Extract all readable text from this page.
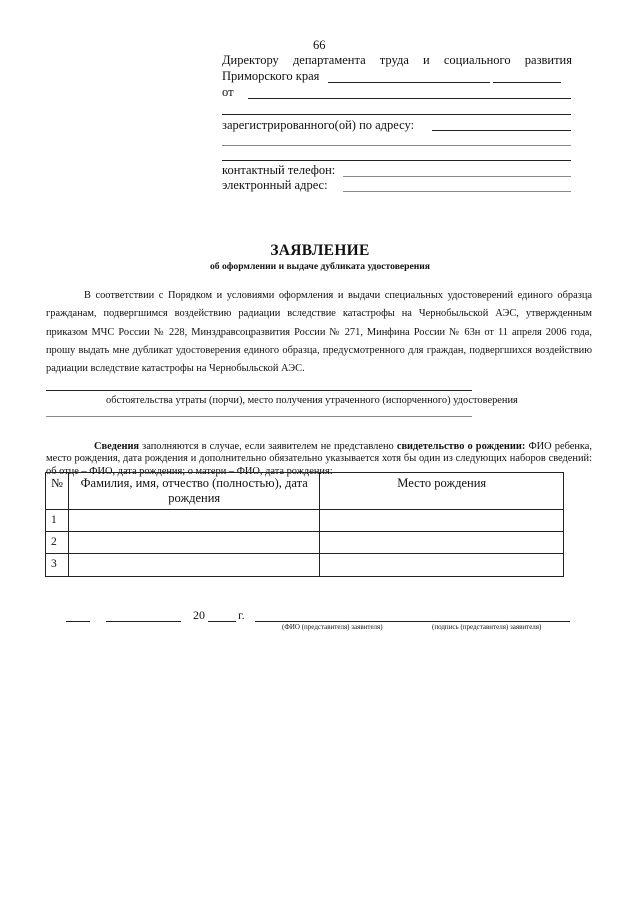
66
Директору департамента труда и социального развития
Приморского края
от
зарегистрированного(ой) по адресу:
контактный телефон:
электронный адрес:
ЗАЯВЛЕНИЕ
об оформлении и выдаче дубликата удостоверения
В соответствии с Порядком и условиями оформления и выдачи специальных удостоверений единого образца гражданам, подвергшимся воздействию радиации вследствие катастрофы на Чернобыльской АЭС, утвержденным приказом МЧС России № 228, Минздравсоцразвития России № 271, Минфина России № 63н от 11 апреля 2006 года, прошу выдать мне дубликат удостоверения единого образца, предусмотренного для граждан, подвергшихся воздействию радиации вследствие катастрофы на Чернобыльской АЭС.
обстоятельства утраты (порчи), место получения утраченного (испорченного) удостоверения
Сведения заполняются в случае, если заявителем не представлено свидетельство о рождении: ФИО ребенка, место рождения, дата рождения и дополнительно обязательно указывается хотя бы один из следующих наборов сведений: об отце – ФИО, дата рождения; о матери – ФИО, дата рождения:
№	Фамилия, имя, отчество (полностью), дата рождения	Место рождения
1		
2		
3		
20	г.
(ФИО (представителя) заявителя)	(подпись (представителя) заявителя)
